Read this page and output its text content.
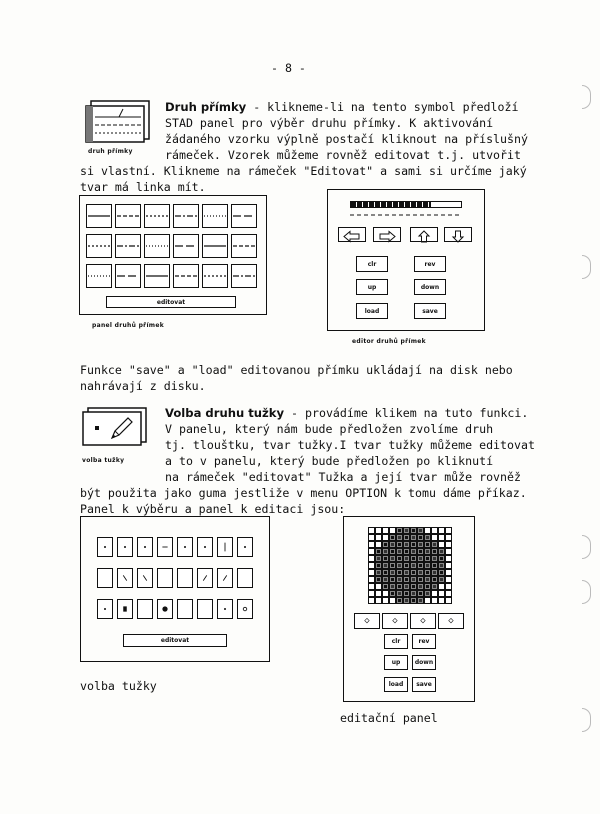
- 8 -
druh přímky
Druh přímky - klikneme-li na tento symbol předloží
STAD panel pro výběr druhu přímky. K aktivování
žádaného vzorku výplně postačí kliknout na příslušný
rámeček. Vzorek můžeme rovněž editovat t.j. utvořit
si vlastní. Klikneme na rámeček "Editovat" a sami si určíme jaký
tvar má linka mít.
editovat
panel druhů přímek
clr	rev
up	down
load	save
editor druhů přímek
Funkce "save" a "load" editovanou přímku ukládají na disk nebo
nahrávají z disku.
volba tužky
Volba druhu tužky - provádíme klikem na tuto funkci.
V panelu, který nám bude předložen zvolíme druh
tj. tlouštku, tvar tužky.I tvar tužky můžeme editovat
a to v panelu, který bude předložen po kliknutí
na rámeček "editovat" Tužka a její tvar může rovněž
být použita jako guma jestliže v menu OPTION k tomu dáme příkaz.
Panel k výběru a panel k editaci jsou:
editovat
volba tužky
◇	◇	◇	◇
clr	rev
up	down
load	save
editační panel
